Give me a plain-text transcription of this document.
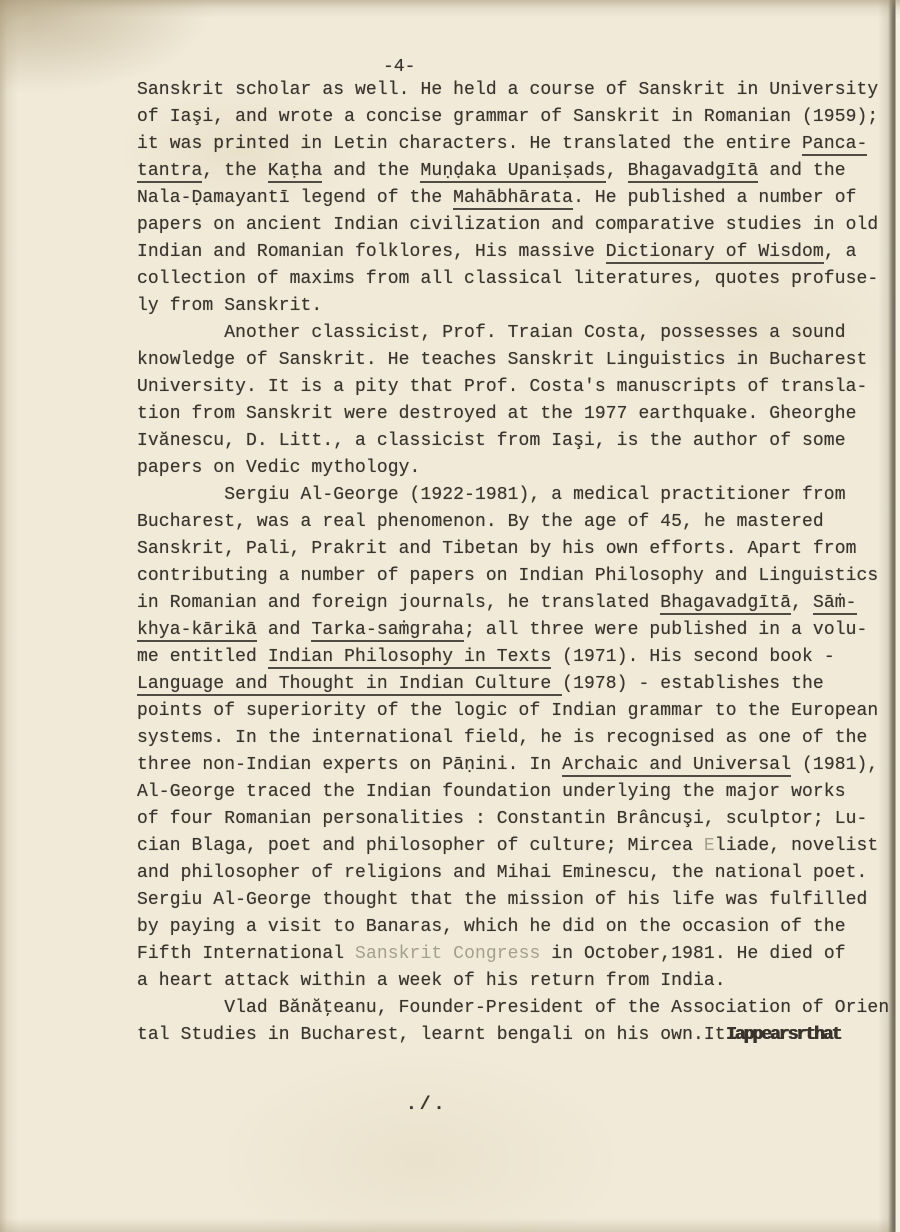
-4-
Sanskrit scholar as well. He held a course of Sanskrit in University
of Iaşi, and wrote a concise grammar of Sanskrit in Romanian (1959);
it was printed in Letin characters. He translated the entire Panca-
tantra, the Kaṭha and the Muṇḍaka Upaniṣads, Bhagavadgītā and the
Nala-Ḍamayantī legend of the Mahābhārata. He published a number of
papers on ancient Indian civilization and comparative studies in old
Indian and Romanian folklores, His massive Dictionary of Wisdom, a
collection of maxims from all classical literatures, quotes profuse-
ly from Sanskrit.
Another classicist, Prof. Traian Costa, possesses a sound
knowledge of Sanskrit. He teaches Sanskrit Linguistics in Bucharest
University. It is a pity that Prof. Costa's manuscripts of transla-
tion from Sanskrit were destroyed at the 1977 earthquake. Gheorghe
Ivănescu, D. Litt., a classicist from Iaşi, is the author of some
papers on Vedic mythology.
Sergiu Al-George (1922-1981), a medical practitioner from
Bucharest, was a real phenomenon. By the age of 45, he mastered
Sanskrit, Pali, Prakrit and Tibetan by his own efforts. Apart from
contributing a number of papers on Indian Philosophy and Linguistics
in Romanian and foreign journals, he translated Bhagavadgītā, Sāṁ-
khya-kārikā and Tarka-saṁgraha; all three were published in a volu-
me entitled Indian Philosophy in Texts (1971). His second book -
Language and Thought in Indian Culture (1978) - establishes the
points of superiority of the logic of Indian grammar to the European
systems. In the international field, he is recognised as one of the
three non-Indian experts on Pāṇini. In Archaic and Universal (1981),
Al-George traced the Indian foundation underlying the major works
of four Romanian personalities : Constantin Brâncuşi, sculptor; Lu-
cian Blaga, poet and philosopher of culture; Mircea Eliade, novelist
and philosopher of religions and Mihai Eminescu, the national poet.
Sergiu Al-George thought that the mission of his life was fulfilled
by paying a visit to Banaras, which he did on the occasion of the
Fifth International Sanskrit Congress in October,1981. He died of
a heart attack within a week of his return from India.
Vlad Bănăţeanu, Founder-President of the Association of Orien
tal Studies in Bucharest, learnt bengali on his own.ItIappearsrthat
./.
